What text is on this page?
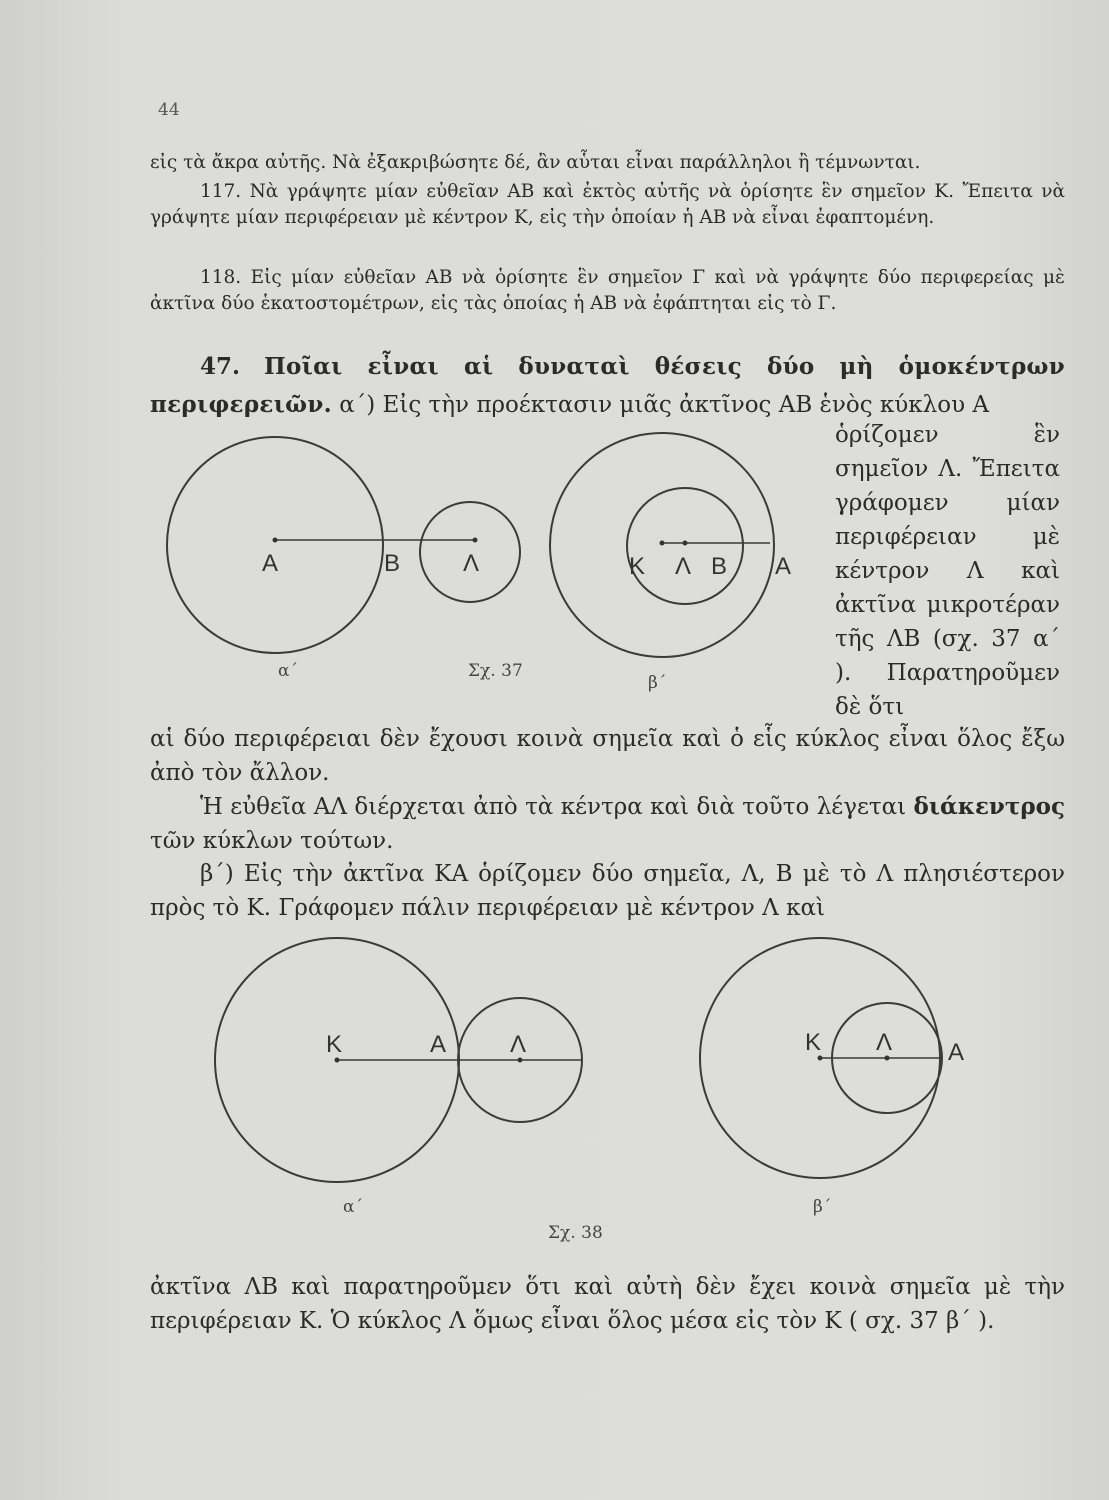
44

εἰς τὰ ἄκρα αὐτῆς. Νὰ ἐξακριβώσητε δέ, ἂν αὗται εἶναι παράλληλοι ἢ τέμνωνται.

117. Νὰ γράψητε μίαν εὐθεῖαν ΑΒ καὶ ἐκτὸς αὐτῆς νὰ ὁρίσητε ἓν σημεῖον Κ. Ἔπειτα νὰ γράψητε μίαν περιφέρειαν μὲ κέντρον Κ, εἰς τὴν ὁποίαν ἡ ΑΒ νὰ εἶναι ἐφαπτομένη.

118. Εἰς μίαν εὐθεῖαν ΑΒ νὰ ὁρίσητε ἓν σημεῖον Γ καὶ νὰ γράψητε δύο περιφερείας μὲ ἀκτῖνα δύο ἑκατοστομέτρων, εἰς τὰς ὁποίας ἡ ΑΒ νὰ ἐφάπτηται εἰς τὸ Γ.

47. Ποῖαι εἶναι αἱ δυναταὶ θέσεις δύο μὴ ὁμοκέντρων περιφερειῶν. α΄) Εἰς τὴν προέκτασιν μιᾶς ἀκτῖνος ΑΒ ἑνὸς κύκλου Α

ὁρίζομεν ἓν σημεῖον Λ. Ἔπειτα γράφομεν μίαν περιφέρειαν μὲ κέντρον Λ καὶ ἀκτῖνα μικροτέραν τῆς ΛΒ (σχ. 37 α΄ ). Παρατηροῦμεν δὲ ὅτι

αἱ δύο περιφέρειαι δὲν ἔχουσι κοινὰ σημεῖα καὶ ὁ εἷς κύκλος εἶναι ὅλος ἔξω ἀπὸ τὸν ἄλλον.

Ἡ εὐθεῖα ΑΛ διέρχεται ἀπὸ τὰ κέντρα καὶ διὰ τοῦτο λέγεται διάκεντρος τῶν κύκλων τούτων.

β΄) Εἰς τὴν ἀκτῖνα ΚΑ ὁρίζομεν δύο σημεῖα, Λ, Β μὲ τὸ Λ πλησιέστερον πρὸς τὸ Κ. Γράφομεν πάλιν περιφέρειαν μὲ κέντρον Λ καὶ

ἀκτῖνα ΛΒ καὶ παρατηροῦμεν ὅτι καὶ αὐτὴ δὲν ἔχει κοινὰ σημεῖα μὲ τὴν περιφέρειαν Κ. Ὁ κύκλος Λ ὅμως εἶναι ὅλος μέσα εἰς τὸν Κ ( σχ. 37 β΄ ).

Α	Β	Λ	Κ Λ Β Α
α΄	Σχ. 37
β΄
Κ	Α	Λ	Κ Λ Α
α΄
Σχ. 38
β΄
